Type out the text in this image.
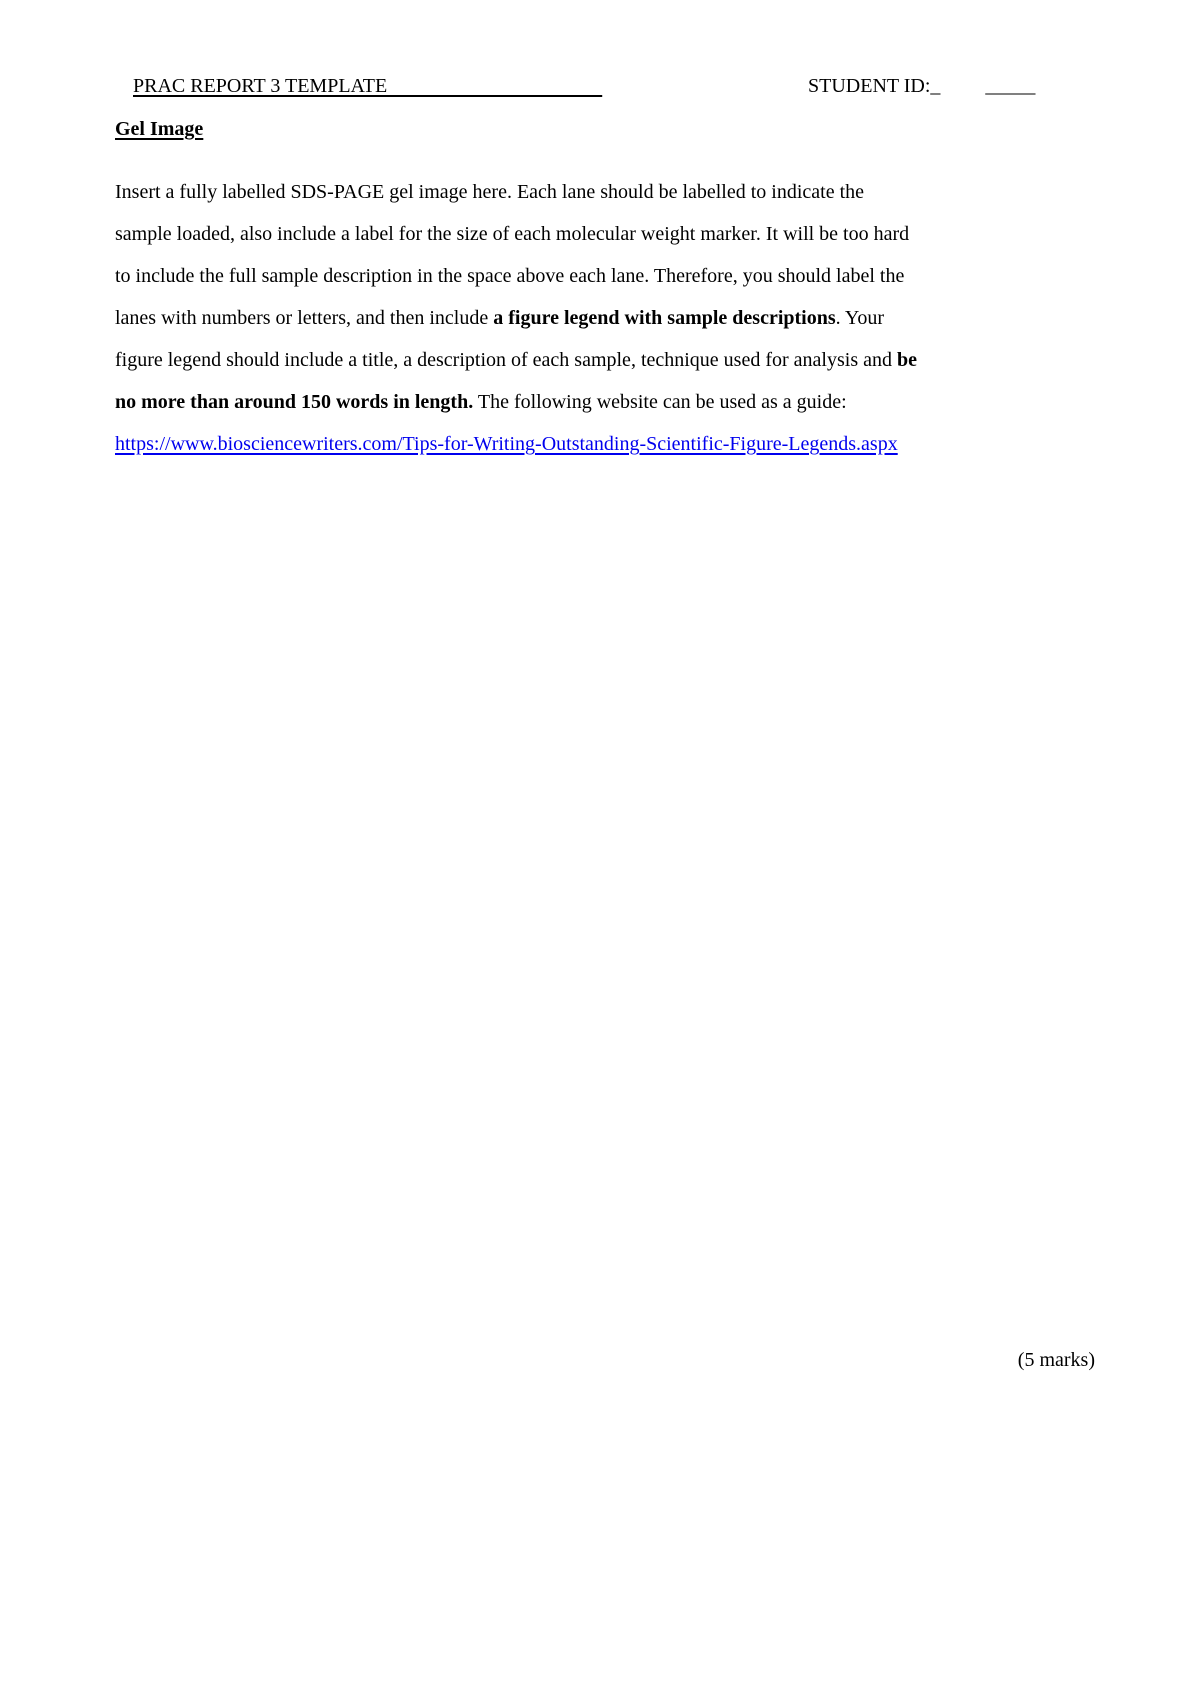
PRAC REPORT 3 TEMPLATE	STUDENT ID:_         _____
Gel Image
Insert a fully labelled SDS-PAGE gel image here. Each lane should be labelled to indicate the
sample loaded, also include a label for the size of each molecular weight marker. It will be too hard
to include the full sample description in the space above each lane. Therefore, you should label the
lanes with numbers or letters, and then include a figure legend with sample descriptions. Your
figure legend should include a title, a description of each sample, technique used for analysis and be
no more than around 150 words in length. The following website can be used as a guide:
https://www.biosciencewriters.com/Tips-for-Writing-Outstanding-Scientific-Figure-Legends.aspx
(5 marks)
